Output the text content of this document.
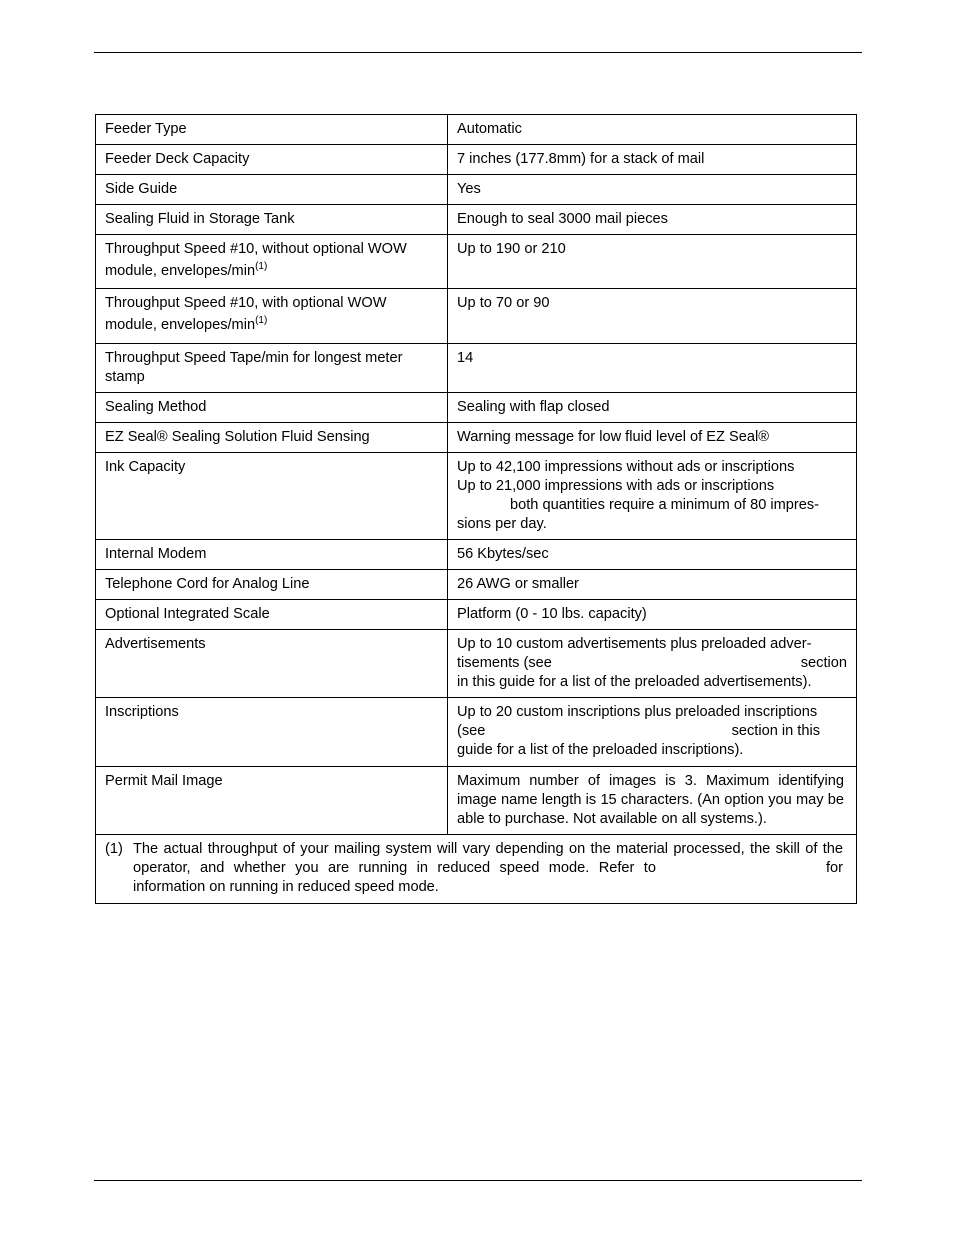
Feeder Type	Automatic
Feeder Deck Capacity	7 inches (177.8mm) for a stack of mail
Side Guide	Yes
Sealing Fluid in Storage Tank	Enough to seal 3000 mail pieces
Throughput Speed #10, without optional WOW module, envelopes/$\min^{(1)}$	Up to 190 or 210
Throughput Speed #10, with optional WOW module, envelopes/$\min^{(1)}$	Up to 70 or 90
Throughput Speed Tape/min for longest meter stamp	14
Sealing Method	Sealing with flap closed
EZ Seal® Sealing Solution Fluid Sensing	Warning message for low fluid level of EZ Seal®
Ink Capacity	Up to 42,100 impressions without ads or inscriptions
Up to 21,000 impressions with ads or inscriptions
both quantities require a minimum of 80 impres-
sions per day.

Internal Modem	56 Kbytes/sec
Telephone Cord for Analog Line	26 AWG or smaller
Optional Integrated Scale	Platform (0 - 10 lbs. capacity)
Advertisements	Up to 10 custom advertisements plus preloaded adver-
tisements (see section
in this guide for a list of the preloaded advertisements).

Inscriptions	Up to 20 custom inscriptions plus preloaded inscriptions
(see section in this
guide for a list of the preloaded inscriptions).

Permit Mail Image	Maximum number of images is 3. Maximum identifying image name length is 15 characters. (An option you may be able to purchase. Not available on all systems.).

(1) The actual throughput of your mailing system will vary depending on the material processed, the skill of the operator, and whether you are running in reduced speed mode. Refer to for information on running in reduced speed mode.	
